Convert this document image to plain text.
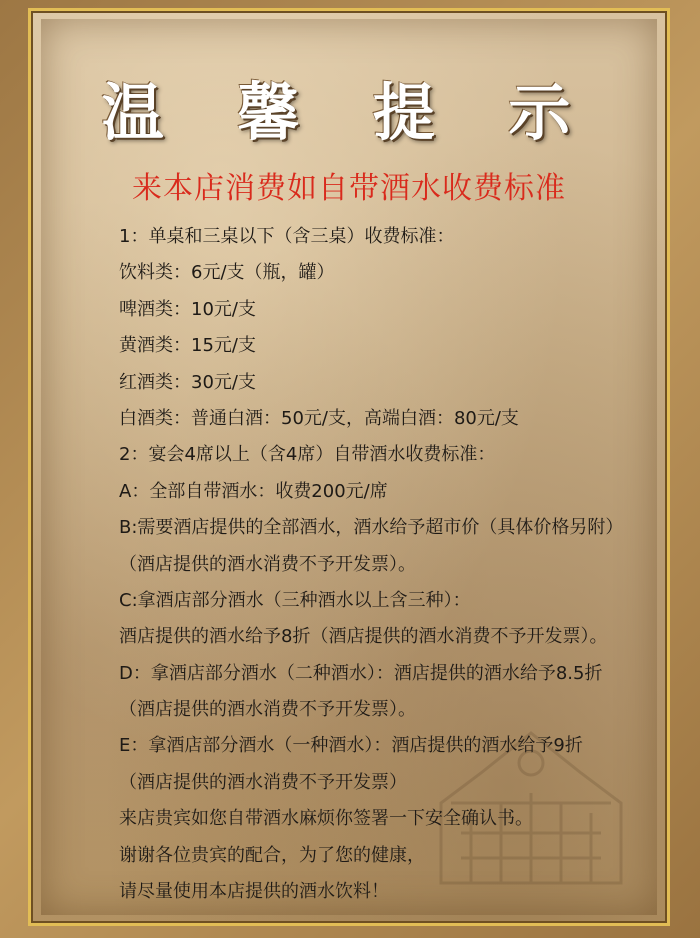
温 馨 提 示
来本店消费如自带酒水收费标准
1：单桌和三桌以下（含三桌）收费标准：
饮料类：6元/支（瓶，罐）
啤酒类：10元/支
黄酒类：15元/支
红酒类：30元/支
白酒类：普通白酒：50元/支，高端白酒：80元/支
2：宴会4席以上（含4席）自带酒水收费标准：
A：全部自带酒水：收费200元/席
B:需要酒店提供的全部酒水，酒水给予超市价（具体价格另附）
（酒店提供的酒水消费不予开发票）。
C:拿酒店部分酒水（三种酒水以上含三种）：
酒店提供的酒水给予8折（酒店提供的酒水消费不予开发票）。
D：拿酒店部分酒水（二种酒水）：酒店提供的酒水给予8.5折
（酒店提供的酒水消费不予开发票）。
E：拿酒店部分酒水（一种酒水）：酒店提供的酒水给予9折
（酒店提供的酒水消费不予开发票）
来店贵宾如您自带酒水麻烦你签署一下安全确认书。
谢谢各位贵宾的配合，为了您的健康，
请尽量使用本店提供的酒水饮料！
